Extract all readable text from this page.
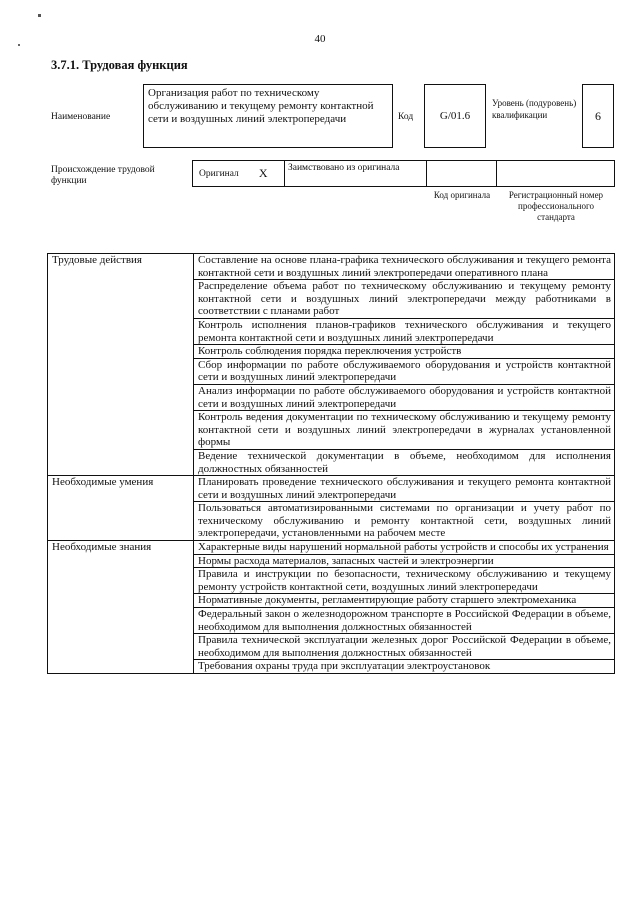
40
3.7.1. Трудовая функция
Наименование
Организация работ по техническому обслуживанию и текущему ремонту контактной сети и воздушных линий электропередачи	Код G/01.6
Уровень (подуровень) квалификации	6
Происхождение трудовой функции
Оригинал X	Заимствовано из оригинала
Код оригинала	Регистрационный номер профессионального стандарта
Трудовые действия	Составление на основе плана-графика технического обслуживания и текущего ремонта контактной сети и воздушных линий электропередачи оперативного плана
	Распределение объема работ по техническому обслуживанию и текущему ремонту контактной сети и воздушных линий электропередачи между работниками в соответствии с планами работ
	Контроль исполнения планов-графиков технического обслуживания и текущего ремонта контактной сети и воздушных линий электропередачи
	Контроль соблюдения порядка переключения устройств
	Сбор информации по работе обслуживаемого оборудования и устройств контактной сети и воздушных линий электропередачи
	Анализ информации по работе обслуживаемого оборудования и устройств контактной сети и воздушных линий электропередачи
	Контроль ведения документации по техническому обслуживанию и текущему ремонту контактной сети и воздушных линий электропередачи в журналах установленной формы
	Ведение технической документации в объеме, необходимом для исполнения должностных обязанностей
Необходимые умения	Планировать проведение технического обслуживания и текущего ремонта контактной сети и воздушных линий электропередачи
	Пользоваться автоматизированными системами по организации и учету работ по техническому обслуживанию и ремонту контактной сети, воздушных линий электропередачи, установленными на рабочем месте
Необходимые знания	Характерные виды нарушений нормальной работы устройств и способы их устранения
	Нормы расхода материалов, запасных частей и электроэнергии
	Правила и инструкции по безопасности, техническому обслуживанию и текущему ремонту устройств контактной сети, воздушных линий электропередачи
	Нормативные документы, регламентирующие работу старшего электромеханика
	Федеральный закон о железнодорожном транспорте в Российской Федерации в объеме, необходимом для выполнения должностных обязанностей
	Правила технической эксплуатации железных дорог Российской Федерации в объеме, необходимом для выполнения должностных обязанностей
	Требования охраны труда при эксплуатации электроустановок
